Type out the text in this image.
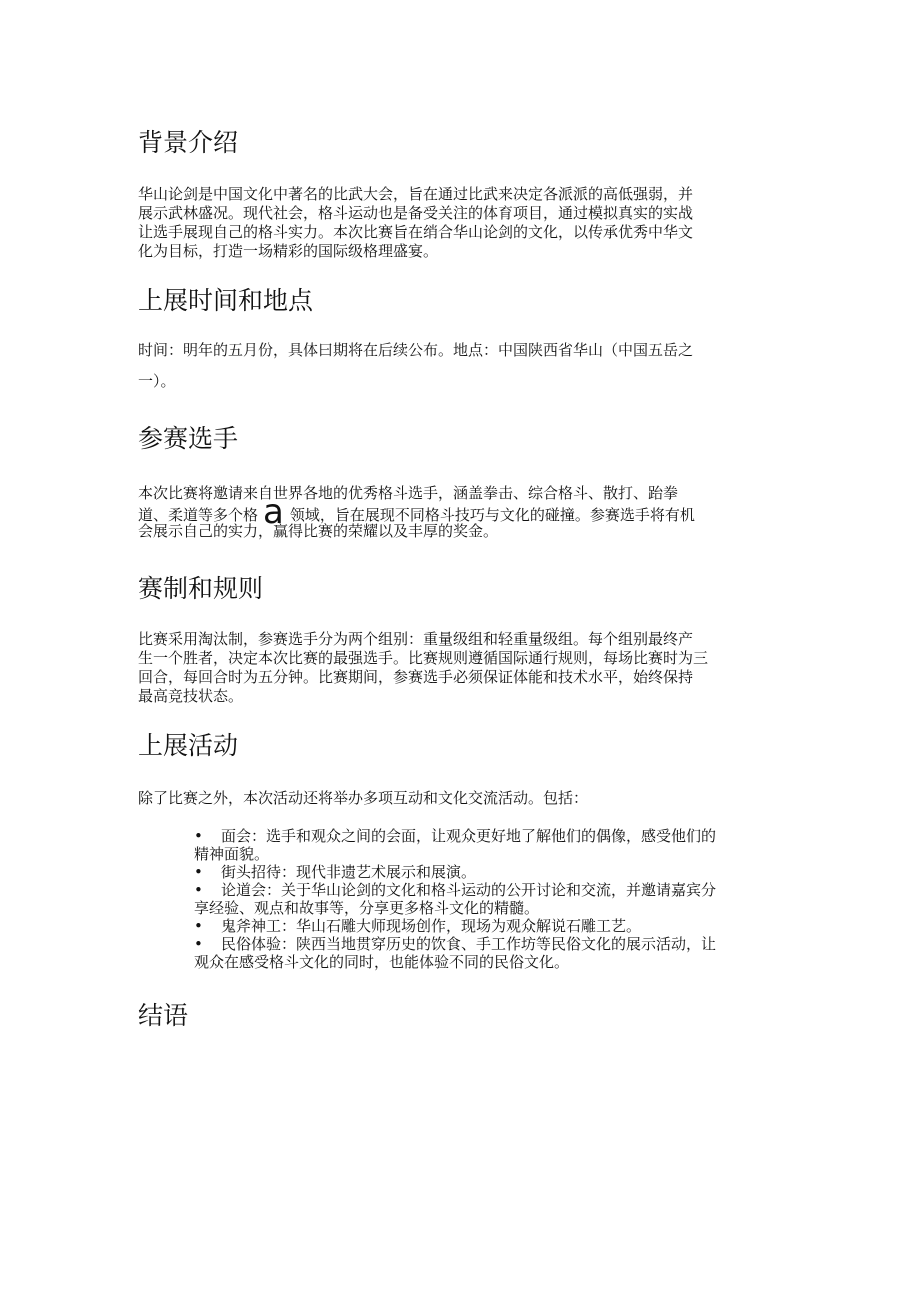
背景介绍
华山论剑是中国文化中著名的比武大会，旨在通过比武来决定各派派的高低强弱，并
展示武林盛况。现代社会，格斗运动也是备受关注的体育项目，通过模拟真实的实战
让选手展现自己的格斗实力。本次比赛旨在绡合华山论剑的文化，以传承优秀中华文
化为目标，打造一场精彩的国际级格理盛宴。
上展时间和地点
时间：明年的五月份，具体曰期将在后续公布。地点：中国陕西省华山（中国五岳之
一）。
参赛选手
本次比赛将邀请来自世界各地的优秀格斗选手，涵盖拳击、综合格斗、散打、跆拳
道、柔道等多个格 a 领域，旨在展现不同格斗技巧与文化的碰撞。参赛选手将有机
会展示自己的实力，赢得比赛的荣耀以及丰厚的奖金。
赛制和规则
比赛采用淘汰制，参赛选手分为两个组别：重量级组和轻重量级组。每个组别最终产
生一个胜者，决定本次比赛的最强选手。比赛规则遵循国际通行规则，每场比赛时为三
回合，每回合时为五分钟。比赛期间，参赛选手必须保证体能和技术水平，始终保持
最高竞技状态。
上展活动
除了比赛之外，本次活动还将举办多项互动和文化交流活动。包括：
• 面会：选手和观众之间的会面，让观众更好地了解他们的偶像，感受他们的
精神面貌。
• 街头招待：现代非遗艺术展示和展演。
• 论道会：关于华山论剑的文化和格斗运动的公开讨论和交流，并邀请嘉宾分
享经验、观点和故事等，分享更多格斗文化的精髓。
• 鬼斧神工：华山石雕大师现场创作，现场为观众解说石雕工艺。
• 民俗体验：陕西当地贯穿历史的饮食、手工作坊等民俗文化的展示活动，让
观众在感受格斗文化的同时，也能体验不同的民俗文化。
结语
